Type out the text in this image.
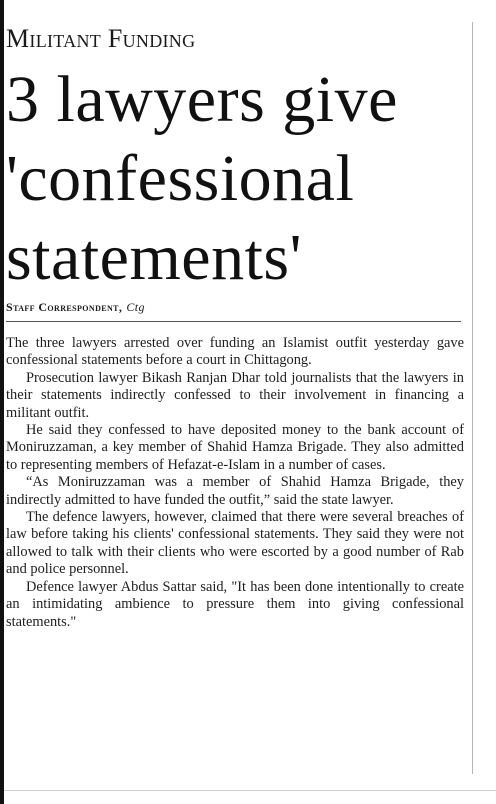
Militant Funding
3 lawyers give 'confessional statements'
Staff Correspondent, Ctg

The three lawyers arrested over funding an Islamist outfit yesterday gave confessional statements before a court in Chittagong.

Prosecution lawyer Bikash Ranjan Dhar told journalists that the lawyers in their statements indirectly confessed to their involvement in financing a militant outfit.

He said they confessed to have deposited money to the bank account of Moniruzzaman, a key member of Shahid Hamza Brigade. They also admitted to representing members of Hefazat-e-Islam in a number of cases.

“As Moniruzzaman was a member of Shahid Hamza Brigade, they indirectly admitted to have funded the outfit,” said the state lawyer.

The defence lawyers, however, claimed that there were several breaches of law before taking his clients' confessional statements. They said they were not allowed to talk with their clients who were escorted by a good number of Rab and police personnel.

Defence lawyer Abdus Sattar said, "It has been done intentionally to create an intimidating ambience to pressure them into giving confessional statements."
